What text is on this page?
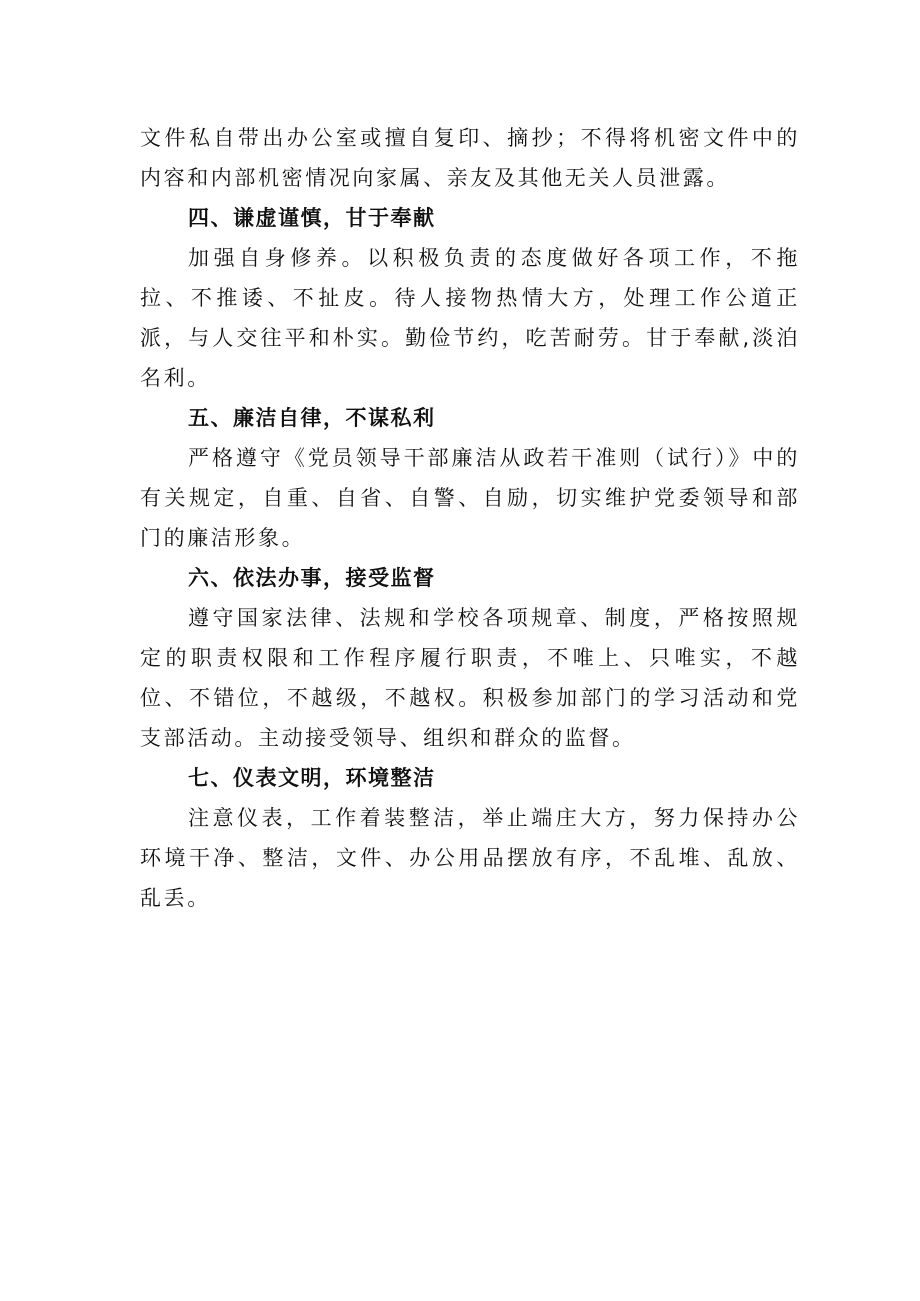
文件私自带出办公室或擅自复印、摘抄；不得将机密文件中的内容和内部机密情况向家属、亲友及其他无关人员泄露。

四、谦虚谨慎，甘于奉献

加强自身修养。以积极负责的态度做好各项工作，不拖拉、不推诿、不扯皮。待人接物热情大方，处理工作公道正派，与人交往平和朴实。勤俭节约，吃苦耐劳。甘于奉献,淡泊名利。

五、廉洁自律，不谋私利

严格遵守《党员领导干部廉洁从政若干准则（试行）》中的有关规定，自重、自省、自警、自励，切实维护党委领导和部门的廉洁形象。

六、依法办事，接受监督

遵守国家法律、法规和学校各项规章、制度，严格按照规定的职责权限和工作程序履行职责，不唯上、只唯实，不越位、不错位，不越级，不越权。积极参加部门的学习活动和党支部活动。主动接受领导、组织和群众的监督。

七、仪表文明，环境整洁

注意仪表，工作着装整洁，举止端庄大方，努力保持办公环境干净、整洁，文件、办公用品摆放有序，不乱堆、乱放、乱丢。
